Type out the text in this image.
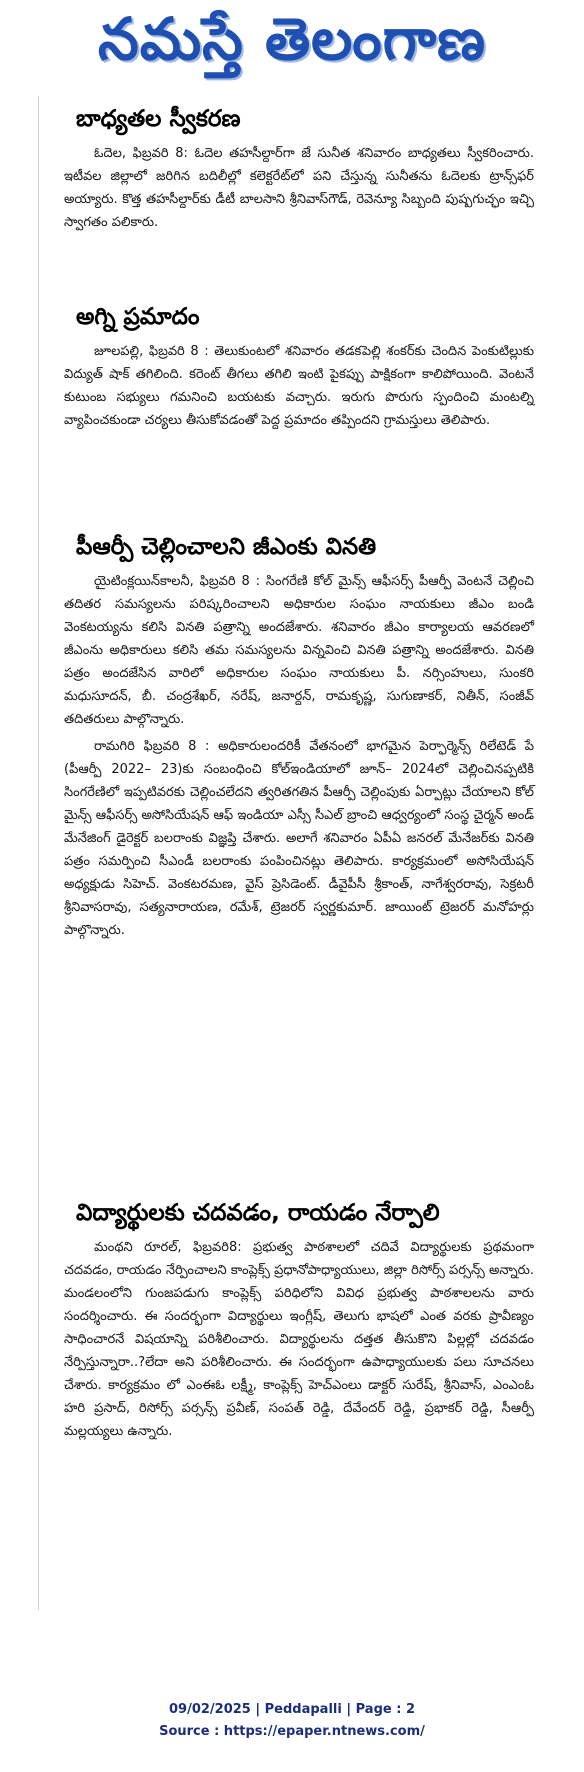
నమస్తే తెలంగాణ
బాధ్యతల స్వీకరణ

ఓదెల, ఫిబ్రవరి 8: ఓదెల తహసీల్దార్‌గా జే సునీత శనివారం బాధ్యతలు స్వీకరించారు. ఇటీవల జిల్లాలో జరిగిన బదిలీల్లో కలెక్టరేట్‌లో పని చేస్తున్న సునీతను ఓదెలకు ట్రాన్స్‌ఫర్ అయ్యారు. కొత్త తహసీల్దార్‌కు డీటీ బాలసాని శ్రీనివాస్‌గౌడ్, రెవెన్యూ సిబ్బంది పుష్పగుచ్ఛం ఇచ్చి స్వాగతం పలికారు.

అగ్ని ప్రమాదం

జూలపల్లి, ఫిబ్రవరి 8 : తెలుకుంటలో శనివారం తడకపెల్లి శంకర్‌కు చెందిన పెంకుటిల్లుకు విద్యుత్ షాక్ తగిలింది. కరెంట్ తీగలు తగిలి ఇంటి పైకప్పు పాక్షికంగా కాలిపోయింది. వెంటనే కుటుంబ సభ్యులు గమనించి బయటకు వచ్చారు. ఇరుగు పొరుగు స్పందించి మంటల్ని వ్యాపించకుండా చర్యలు తీసుకోవడంతో పెద్ద ప్రమాదం తప్పిందని గ్రామస్తులు తెలిపారు.

పీఆర్పీ చెల్లించాలని జీఎంకు వినతి

యైటింక్లయిన్‌కాలనీ, ఫిబ్రవరి 8 : సింగరేణి కోల్ మైన్స్ ఆఫీసర్స్ పీఆర్పీ వెంటనే చెల్లించి తదితర సమస్యలను పరిష్కరించాలని అధికారుల సంఘం నాయకులు జీఎం బండి వెంకటయ్యను కలిసి వినతి పత్రాన్ని అందజేశారు. శనివారం జీఎం కార్యాలయ ఆవరణలో జీఎంను అధికారులు కలిసి తమ సమస్యలను విన్నవించి వినతి పత్రాన్ని అందజేశారు. వినతి పత్రం అందజేసిన వారిలో అధికారుల సంఘం నాయకులు పీ. నర్సింహులు, సుంకరి మధుసూదన్, బీ. చంద్రశేఖర్, నరేష్, జనార్దన్, రామకృష్ణ, సుగుణాకర్, నితీన్, సంజీవ్ తదితరులు పాల్గొన్నారు.

రామగిరి ఫిబ్రవరి 8 : అధికారులందరికీ వేతనంలో భాగమైన పెర్ఫార్మెన్స్ రిలేటెడ్ పే (పీఆర్పీ 2022– 23)కు సంబంధించి కోల్‌ఇండియాలో జూన్– 2024లో చెల్లించినప్పటికి సింగరేణిలో ఇప్పటివరకు చెల్లించలేదని త్వరితగతిన పీఆర్పీ చెల్లింపుకు ఏర్పాట్లు చేయాలని కోల్ మైన్స్ ఆఫీసర్స్ అసోసియేషన్ ఆఫ్ ఇండియా ఎస్సీ సీఎల్ బ్రాంచి ఆధ్వర్యంలో సంస్థ చైర్మన్ అండ్ మేనేజింగ్ డైరెక్టర్ బలరాంకు విజ్ఞప్తి చేశారు. అలాగే శనివారం ఏపీఏ జనరల్ మేనేజర్‌కు వినతి పత్రం సమర్పించి సీఎండీ బలరాంకు పంపించినట్లు తెలిపారు. కార్యక్రమంలో అసోసియేషన్ అధ్యక్షుడు సిహెచ్. వెంకటరమణ, వైస్ ప్రెసిడెంట్. డీవైపీసీ శ్రీకాంత్, నాగేశ్వరరావు, సెక్రటరీ శ్రీనివాసరావు, సత్యనారాయణ, రమేశ్, ట్రెజరర్ స్వర్ణకుమార్. జాయింట్ ట్రెజరర్ మనోహర్లు పాల్గొన్నారు.

విద్యార్థులకు చదవడం, రాయడం నేర్పాలి

మంథని రూరల్, ఫిబ్రవరి8: ప్రభుత్వ పాఠశాలలో చదివే విద్యార్థులకు ప్రథమంగా చదవడం, రాయడం నేర్పించాలని కాంప్లెక్స్ ప్రధానోపాధ్యాయులు, జిల్లా రిసోర్స్ పర్సన్స్ అన్నారు. మండలంలోని గుంజపడుగు కాంప్లెక్స్ పరిధిలోని వివిధ ప్రభుత్వ పాఠశాలలను వారు సందర్శించారు. ఈ సందర్భంగా విద్యార్థులు ఇంగ్లీష్, తెలుగు భాషలో ఎంత వరకు ప్రావీణ్యం సాధించారనే విషయాన్ని పరిశీలించారు. విద్యార్థులను దత్తత తీసుకొని పిల్లల్లో చదవడం నేర్పిస్తున్నారా..?లేదా అని పరిశీలించారు. ఈ సందర్భంగా ఉపాధ్యాయులకు పలు సూచనలు చేశారు. కార్యక్రమం లో ఎంఈఓ లక్ష్మీ, కాంప్లెక్స్ హెచ్ఎంలు డాక్టర్ సురేష్, శ్రీనివాస్, ఎంఎంఓ హరి ప్రసాద్, రిసోర్స్ పర్సన్స్ ప్రవీణ్, సంపత్ రెడ్డి, దేవేందర్ రెడ్డి, ప్రభాకర్ రెడ్డి, సీఆర్పీ మల్లయ్యలు ఉన్నారు.

09/02/2025 | Peddapalli | Page : 2
Source : https://epaper.ntnews.com/
